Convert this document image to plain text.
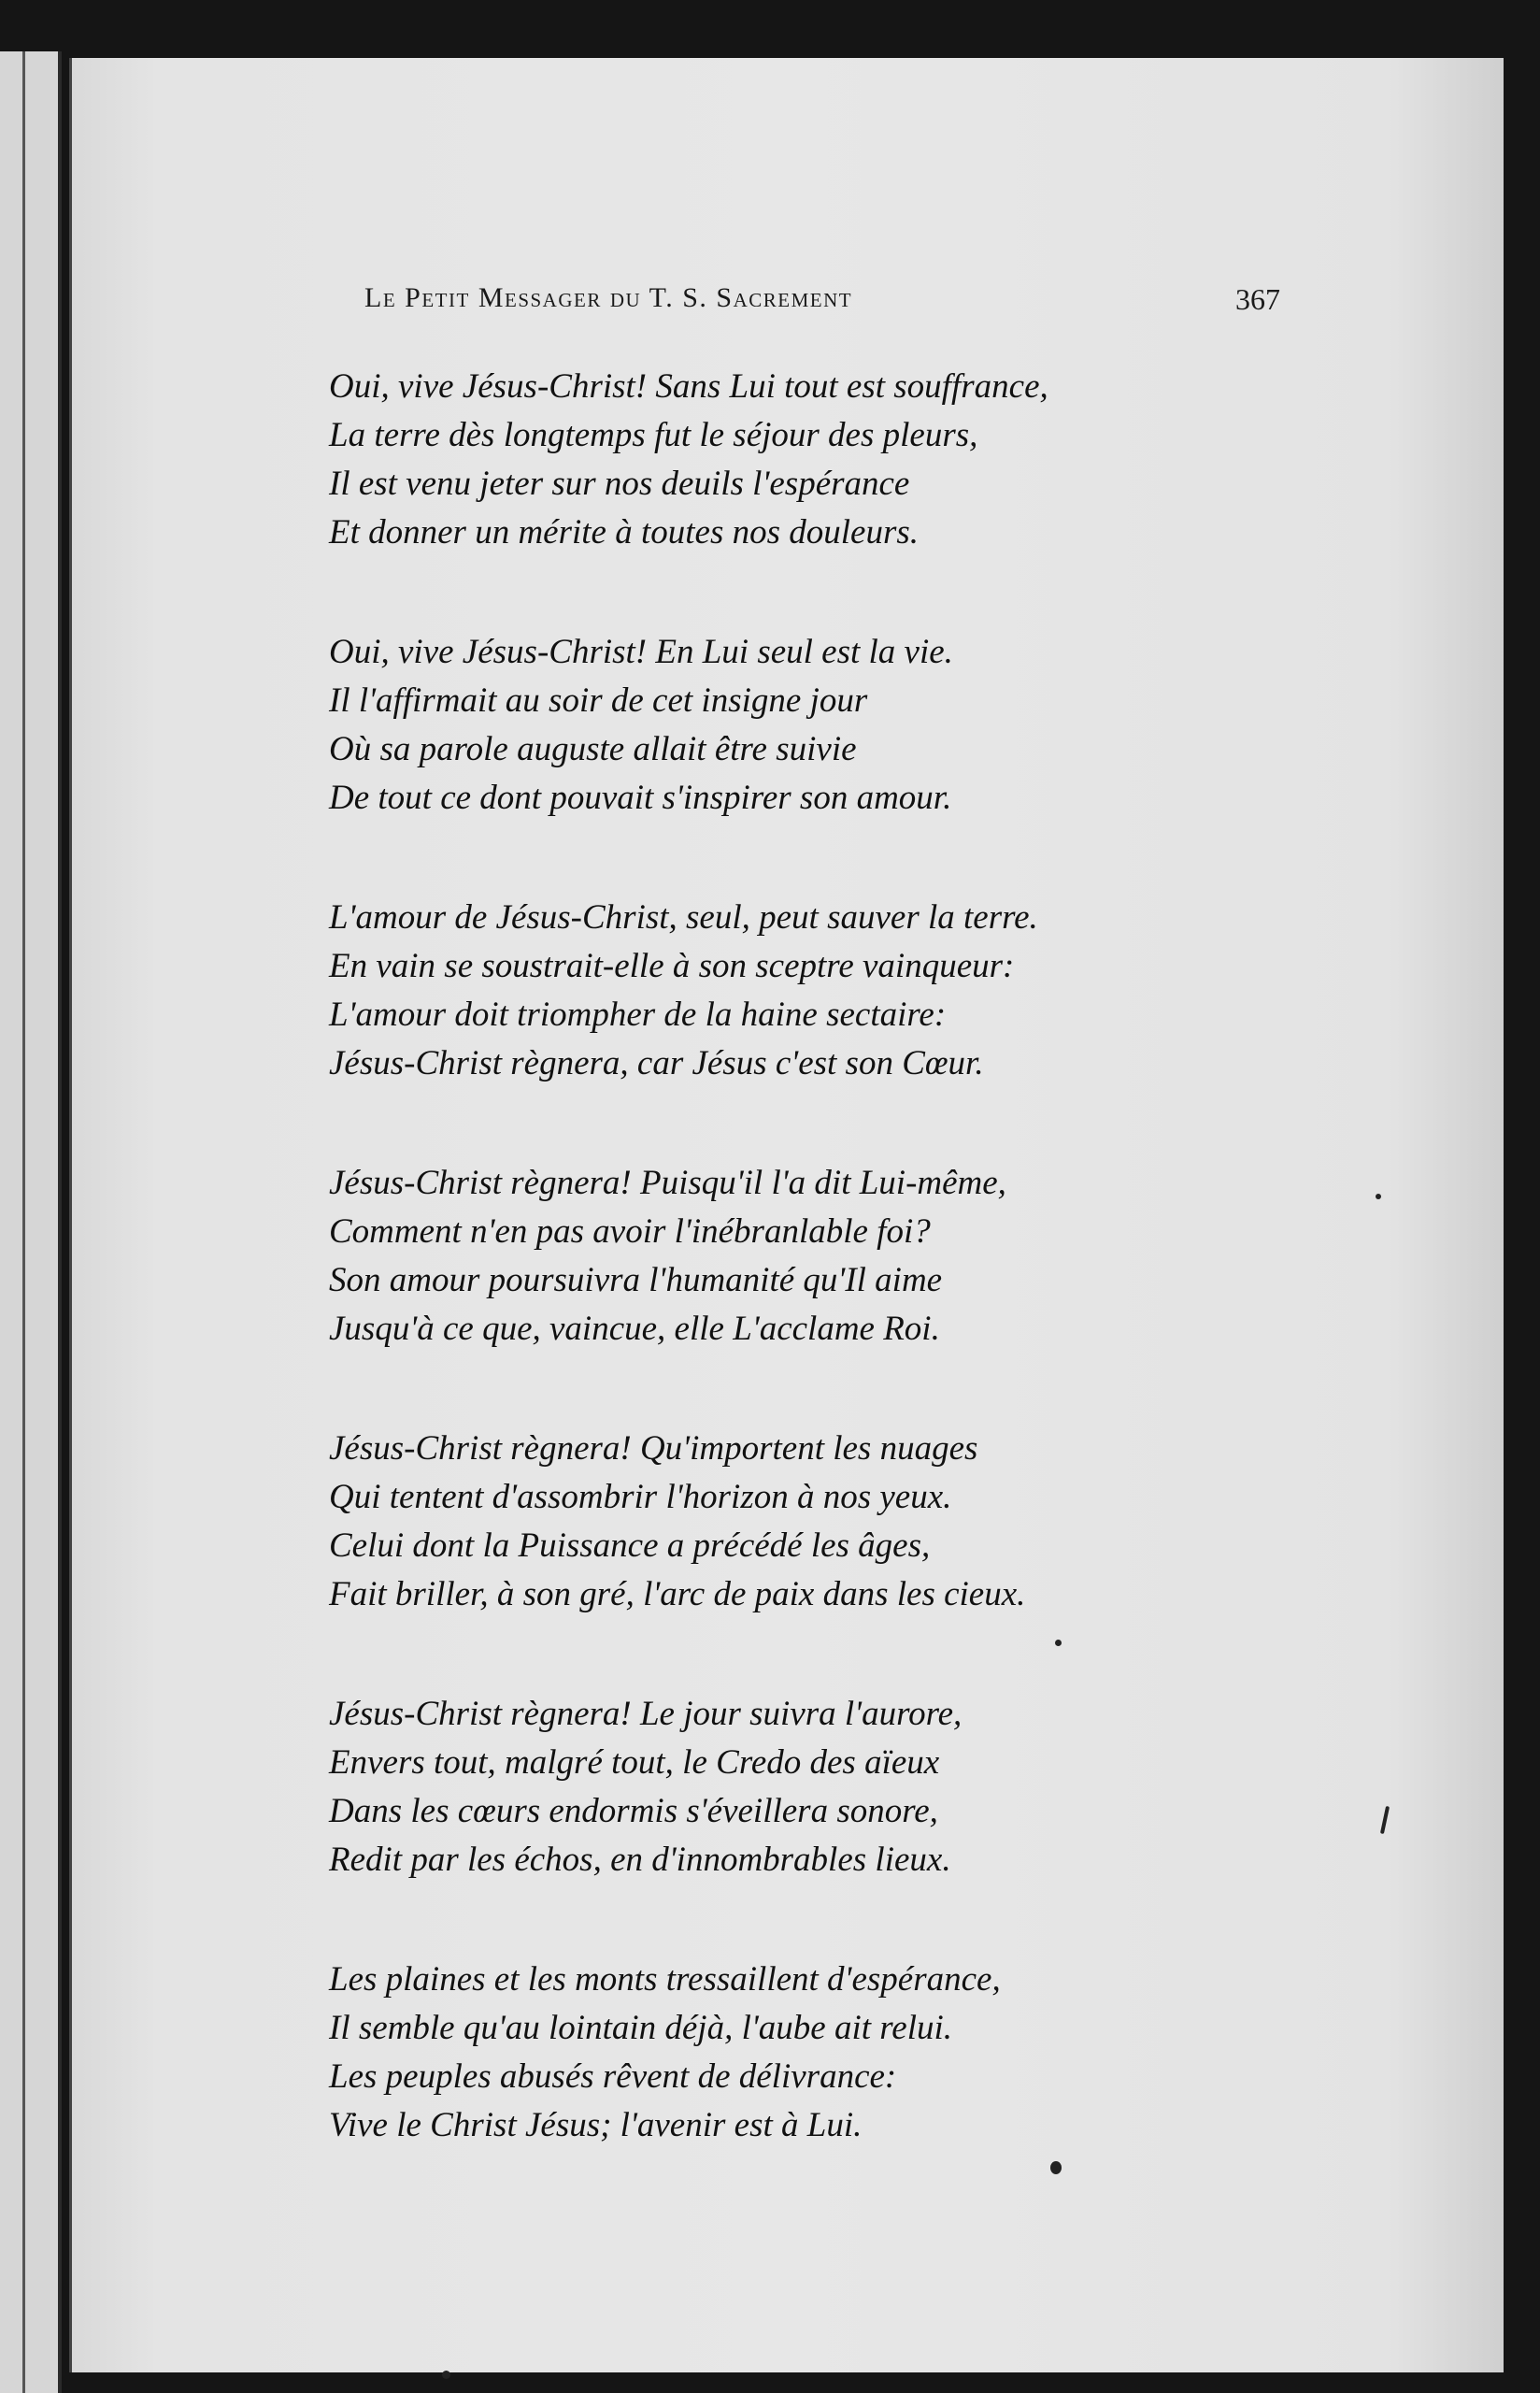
Le Petit Messager du T. S. Sacrement	367
Oui, vive Jésus-Christ! Sans Lui tout est souffrance,
La terre dès longtemps fut le séjour des pleurs,
Il est venu jeter sur nos deuils l'espérance
Et donner un mérite à toutes nos douleurs.
Oui, vive Jésus-Christ! En Lui seul est la vie.
Il l'affirmait au soir de cet insigne jour
Où sa parole auguste allait être suivie
De tout ce dont pouvait s'inspirer son amour.
L'amour de Jésus-Christ, seul, peut sauver la terre.
En vain se soustrait-elle à son sceptre vainqueur:
L'amour doit triompher de la haine sectaire:
Jésus-Christ règnera, car Jésus c'est son Cœur.
Jésus-Christ règnera! Puisqu'il l'a dit Lui-même,
Comment n'en pas avoir l'inébranlable foi?
Son amour poursuivra l'humanité qu'Il aime
Jusqu'à ce que, vaincue, elle L'acclame Roi.
Jésus-Christ règnera! Qu'importent les nuages
Qui tentent d'assombrir l'horizon à nos yeux.
Celui dont la Puissance a précédé les âges,
Fait briller, à son gré, l'arc de paix dans les cieux.
Jésus-Christ règnera! Le jour suivra l'aurore,
Envers tout, malgré tout, le Credo des aïeux
Dans les cœurs endormis s'éveillera sonore,
Redit par les échos, en d'innombrables lieux.
Les plaines et les monts tressaillent d'espérance,
Il semble qu'au lointain déjà, l'aube ait relui.
Les peuples abusés rêvent de délivrance:
Vive le Christ Jésus; l'avenir est à Lui.
